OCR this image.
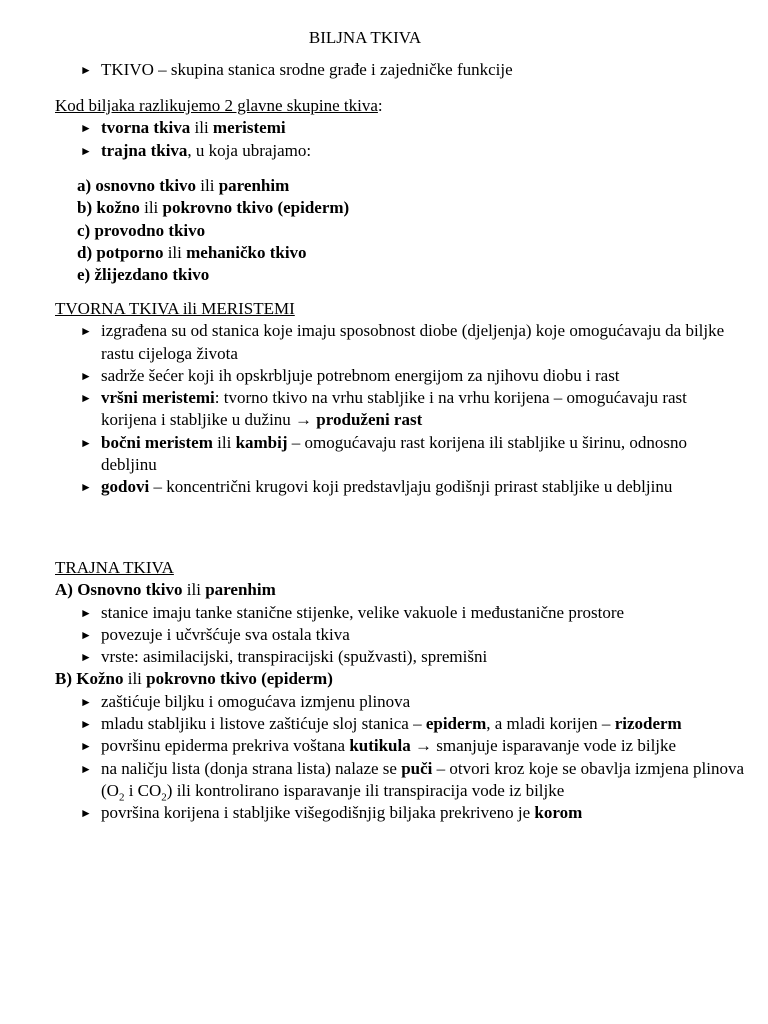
BILJNA TKIVA
► TKIVO – skupina stanica srodne građe i zajedničke funkcije
Kod biljaka razlikujemo 2 glavne skupine tkiva:
► tvorna tkiva ili meristemi
► trajna tkiva, u koja ubrajamo:
a) osnovno tkivo ili parenhim
b) kožno ili pokrovno tkivo (epiderm)
c) provodno tkivo
d) potporno ili mehaničko tkivo
e) žlijezdano tkivo
TVORNA TKIVA ili MERISTEMI
► izgrađena su od stanica koje imaju sposobnost diobe (djeljenja) koje omogućavaju da biljke rastu cijeloga života
► sadrže šećer koji ih opskrbljuje potrebnom energijom za njihovu diobu i rast
► vršni meristemi: tvorno tkivo na vrhu stabljike i na vrhu korijena – omogućavaju rast korijena i stabljike u dužinu → produženi rast
► bočni meristem ili kambij – omogućavaju rast korijena ili stabljike u širinu, odnosno debljinu
► godovi – koncentrični krugovi koji predstavljaju godišnji prirast stabljike u debljinu
TRAJNA TKIVA
A) Osnovno tkivo ili parenhim
► stanice imaju tanke stanične stijenke, velike vakuole i međustanične prostore
► povezuje i učvršćuje sva ostala tkiva
► vrste: asimilacijski, transpiracijski (spužvasti), spremišni
B) Kožno ili pokrovno tkivo (epiderm)
► zaštićuje biljku i omogućava izmjenu plinova
► mladu stabljiku i listove zaštićuje sloj stanica – epiderm, a mladi korijen – rizoderm
► površinu epiderma prekriva voštana kutikula → smanjuje isparavanje vode iz biljke
► na naličju lista (donja strana lista) nalaze se puči – otvori kroz koje se obavlja izmjena plinova ($O_2$ i $CO_2$) ili kontrolirano isparavanje ili transpiracija vode iz biljke
► površina korijena i stabljike višegodišnjig biljaka prekriveno je korom
